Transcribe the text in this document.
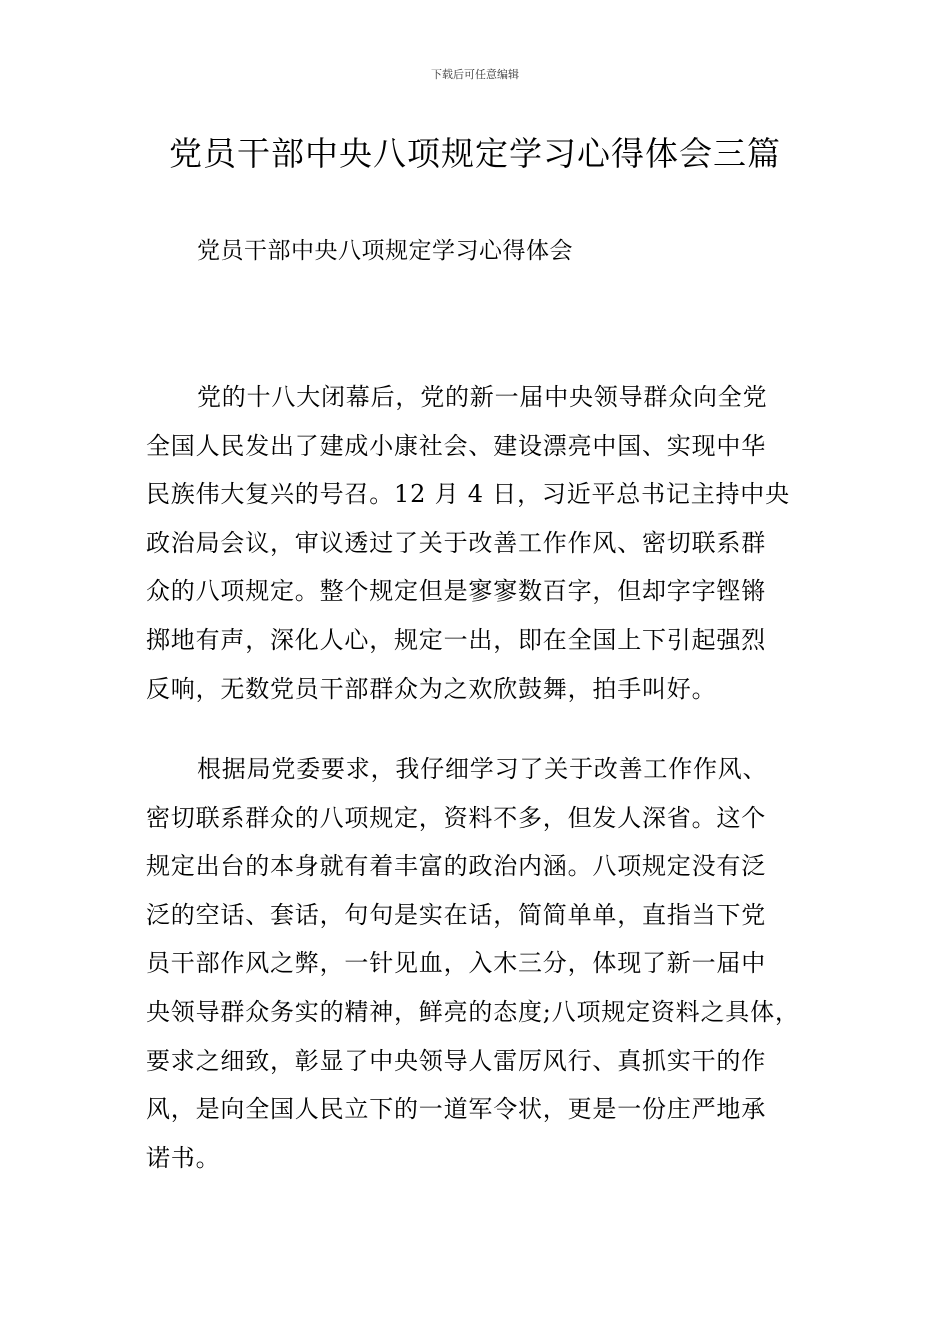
下载后可任意编辑
党员干部中央八项规定学习心得体会三篇

党员干部中央八项规定学习心得体会

党的十八大闭幕后，党的新一届中央领导群众向全党
全国人民发出了建成小康社会、建设漂亮中国、实现中华
民族伟大复兴的号召。12 月 4 日，习近平总书记主持中央
政治局会议，审议透过了关于改善工作作风、密切联系群
众的八项规定。整个规定但是寥寥数百字，但却字字铿锵
掷地有声，深化人心，规定一出，即在全国上下引起强烈
反响，无数党员干部群众为之欢欣鼓舞，拍手叫好。
根据局党委要求，我仔细学习了关于改善工作作风、
密切联系群众的八项规定，资料不多，但发人深省。这个
规定出台的本身就有着丰富的政治内涵。八项规定没有泛
泛的空话、套话，句句是实在话，简简单单，直指当下党
员干部作风之弊，一针见血，入木三分，体现了新一届中
央领导群众务实的精神，鲜亮的态度;八项规定资料之具体，
要求之细致，彰显了中央领导人雷厉风行、真抓实干的作
风，是向全国人民立下的一道军令状，更是一份庄严地承
诺书。
